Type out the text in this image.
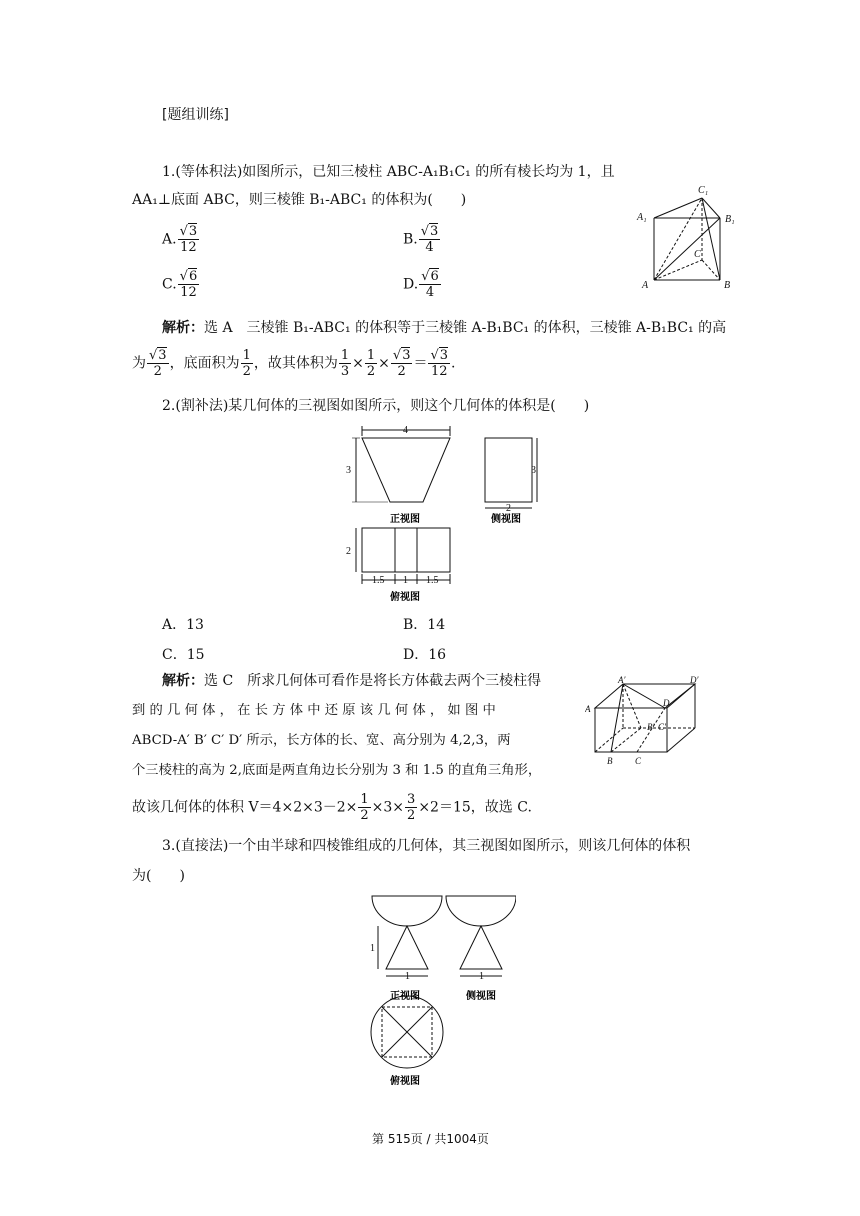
[题组训练]
1.(等体积法)如图所示，已知三棱柱 ABC-A₁B₁C₁ 的所有棱长均为 1，且
AA₁⊥底面 ABC，则三棱锥 B₁-ABC₁ 的体积为(　　)
A. $\frac{√3}{12}$	B. $\frac{√3}{4}$
C. $\frac{√6}{12}$	D. $\frac{√6}{4}$
C₁
A₁	B₁
C
A	B
解析：选 A　三棱锥 B₁-ABC₁ 的体积等于三棱锥 A-B₁BC₁ 的体积，三棱锥 A-B₁BC₁ 的高
为 $\frac{√3}{2}$ ，底面积为 $\frac{1}{2}$ ，故其体积为 $\frac{1}{3} \times \frac{1}{2} \times \frac{√3}{2} = \frac{√3}{12}$ .
2.(割补法)某几何体的三视图如图所示，则这个几何体的体积是(　　)
4
3	3
2
2
1.5 1 1.5
正视图	侧视图
俯视图
A．13	B．14
C．15	D．16
解析：选 C　所求几何体可看作是将长方体截去两个三棱柱得
到 的 几 何 体 ， 在 长 方 体 中 还 原 该 几 何 体 ， 如 图 中
ABCD-A′ B′ C′ D′ 所示，长方体的长、宽、高分别为 4,2,3，两
个三棱柱的高为 2,底面是两直角边长分别为 3 和 1.5 的直角三角形，
故该几何体的体积 $V=4\times 2\times 3-2\times \frac{1}{2} \times 3\times \frac{3}{2} \times 2=15$，故选 C.
A′	D′
A
D
B′ C′
B	C
3.(直接法)一个由半球和四棱锥组成的几何体，其三视图如图所示，则该几何体的体积
为(　　)
1
1	1
正视图	侧视图
俯视图
第 515页 / 共1004页
